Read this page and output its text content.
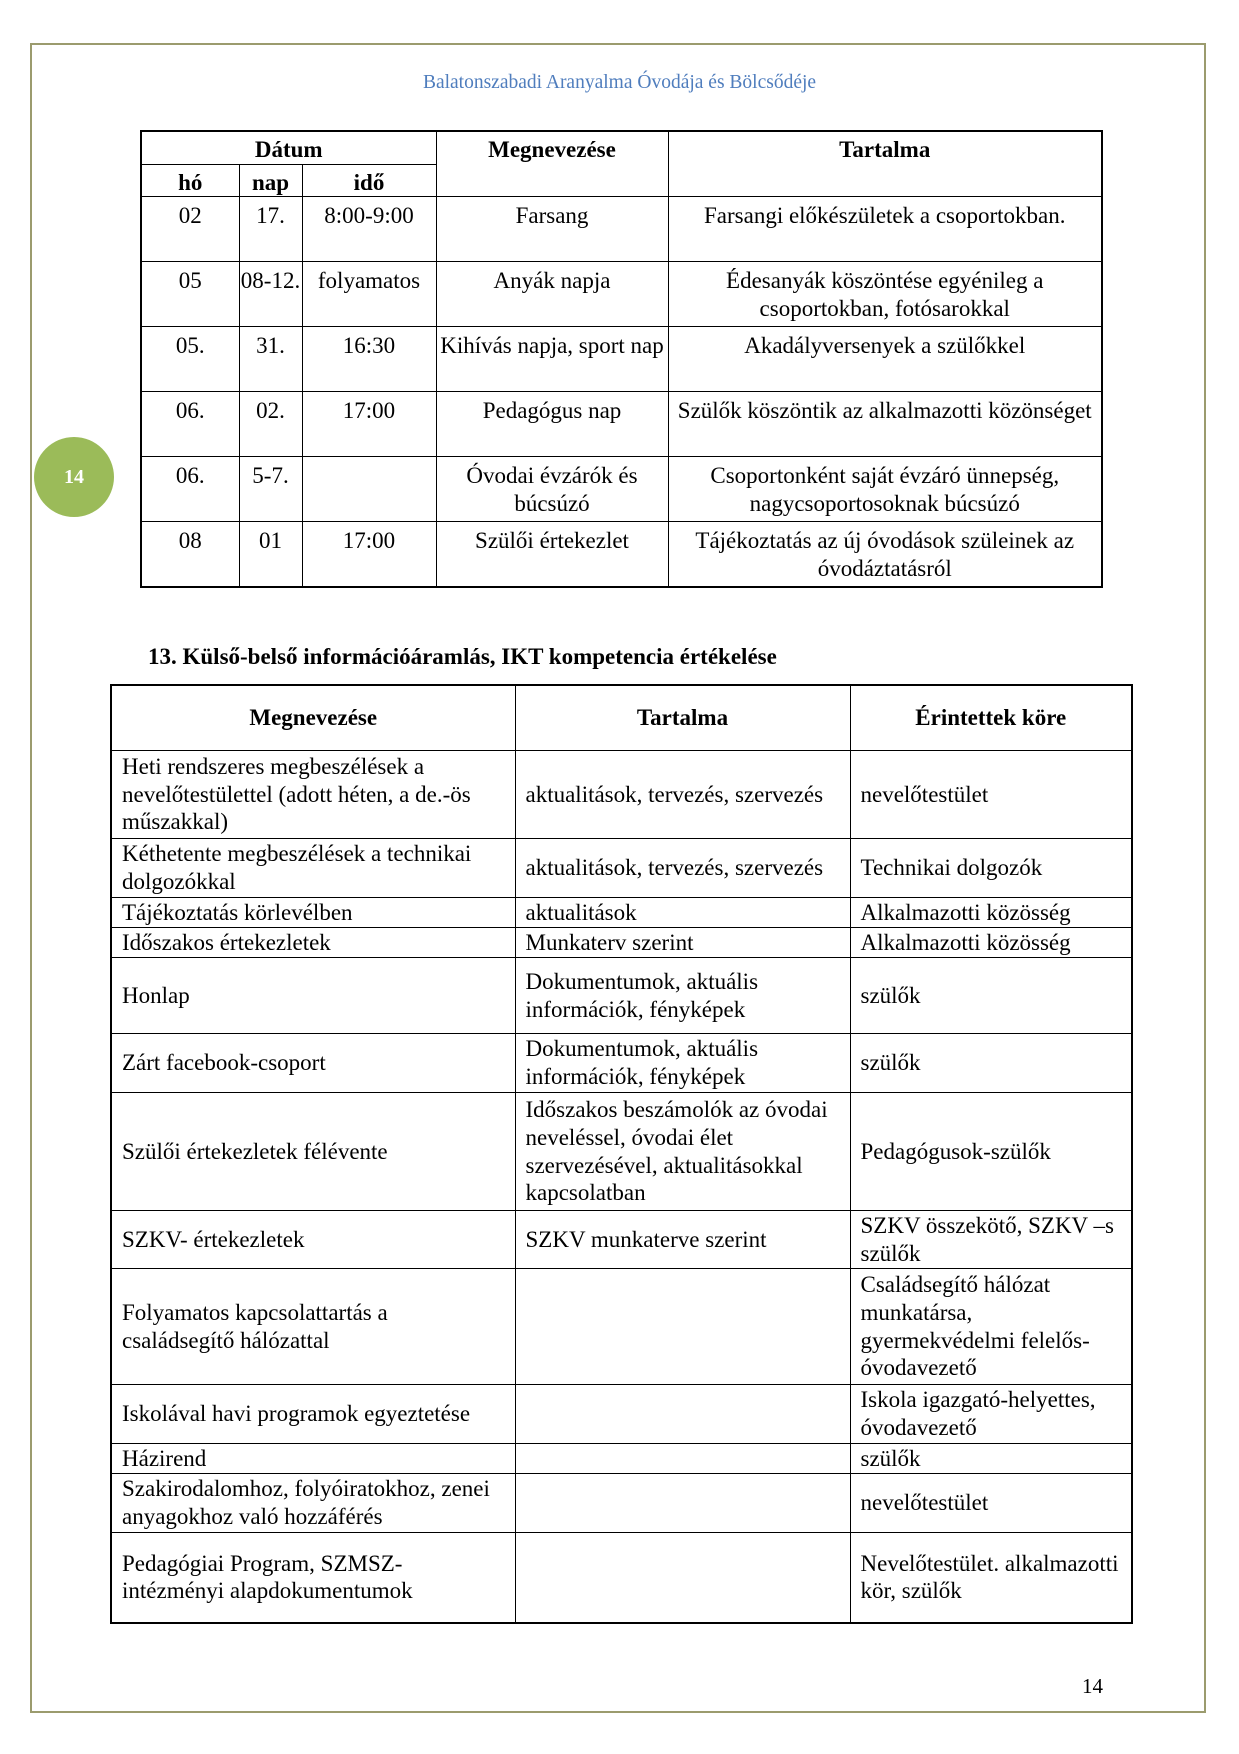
Balatonszabadi Aranyalma Óvodája és Bölcsődéje
14
Dátum			Megnevezése	Tartalma
hó	nap	idő		
02	17.	8:00-9:00	Farsang	Farsangi előkészületek a csoportokban.
05	08-12.	folyamatos	Anyák napja	Édesanyák köszöntése egyénileg a csoportokban, fotósarokkal
05.	31.	16:30	Kihívás napja, sport nap	Akadályversenyek a szülőkkel
06.	02.	17:00	Pedagógus nap	Szülők köszöntik az alkalmazotti közönséget
06.	5-7.		Óvodai évzárók és búcsúzó	Csoportonként saját évzáró ünnepség, nagycsoportosoknak búcsúzó
08	01	17:00	Szülői értekezlet	Tájékoztatás az új óvodások szüleinek az óvodáztatásról
13. Külső-belső információáramlás, IKT kompetencia értékelése
Megnevezése	Tartalma	Érintettek köre
Heti rendszeres megbeszélések a nevelőtestülettel (adott héten, a de.-ös műszakkal)	aktualitások, tervezés, szervezés	nevelőtestület
Kéthetente megbeszélések a technikai dolgozókkal	aktualitások, tervezés, szervezés	Technikai dolgozók
Tájékoztatás körlevélben	aktualitások	Alkalmazotti közösség
Időszakos értekezletek	Munkaterv szerint	Alkalmazotti közösség
Honlap	Dokumentumok, aktuális információk, fényképek	szülők
Zárt facebook-csoport	Dokumentumok, aktuális információk, fényképek	szülők
Szülői értekezletek félévente	Időszakos beszámolók az óvodai neveléssel, óvodai élet szervezésével, aktualitásokkal kapcsolatban	Pedagógusok-szülők
SZKV- értekezletek	SZKV munkaterve szerint	SZKV összekötő, SZKV –s szülők
Folyamatos kapcsolattartás a családsegítő hálózattal		Családsegítő hálózat munkatársa, gyermekvédelmi felelős-óvodavezető
Iskolával havi programok egyeztetése		Iskola igazgató-helyettes, óvodavezető
Házirend		szülők
Szakirodalomhoz, folyóiratokhoz, zenei anyagokhoz való hozzáférés		nevelőtestület
Pedagógiai Program, SZMSZ-intézményi alapdokumentumok		Nevelőtestület. alkalmazotti kör, szülők
14
